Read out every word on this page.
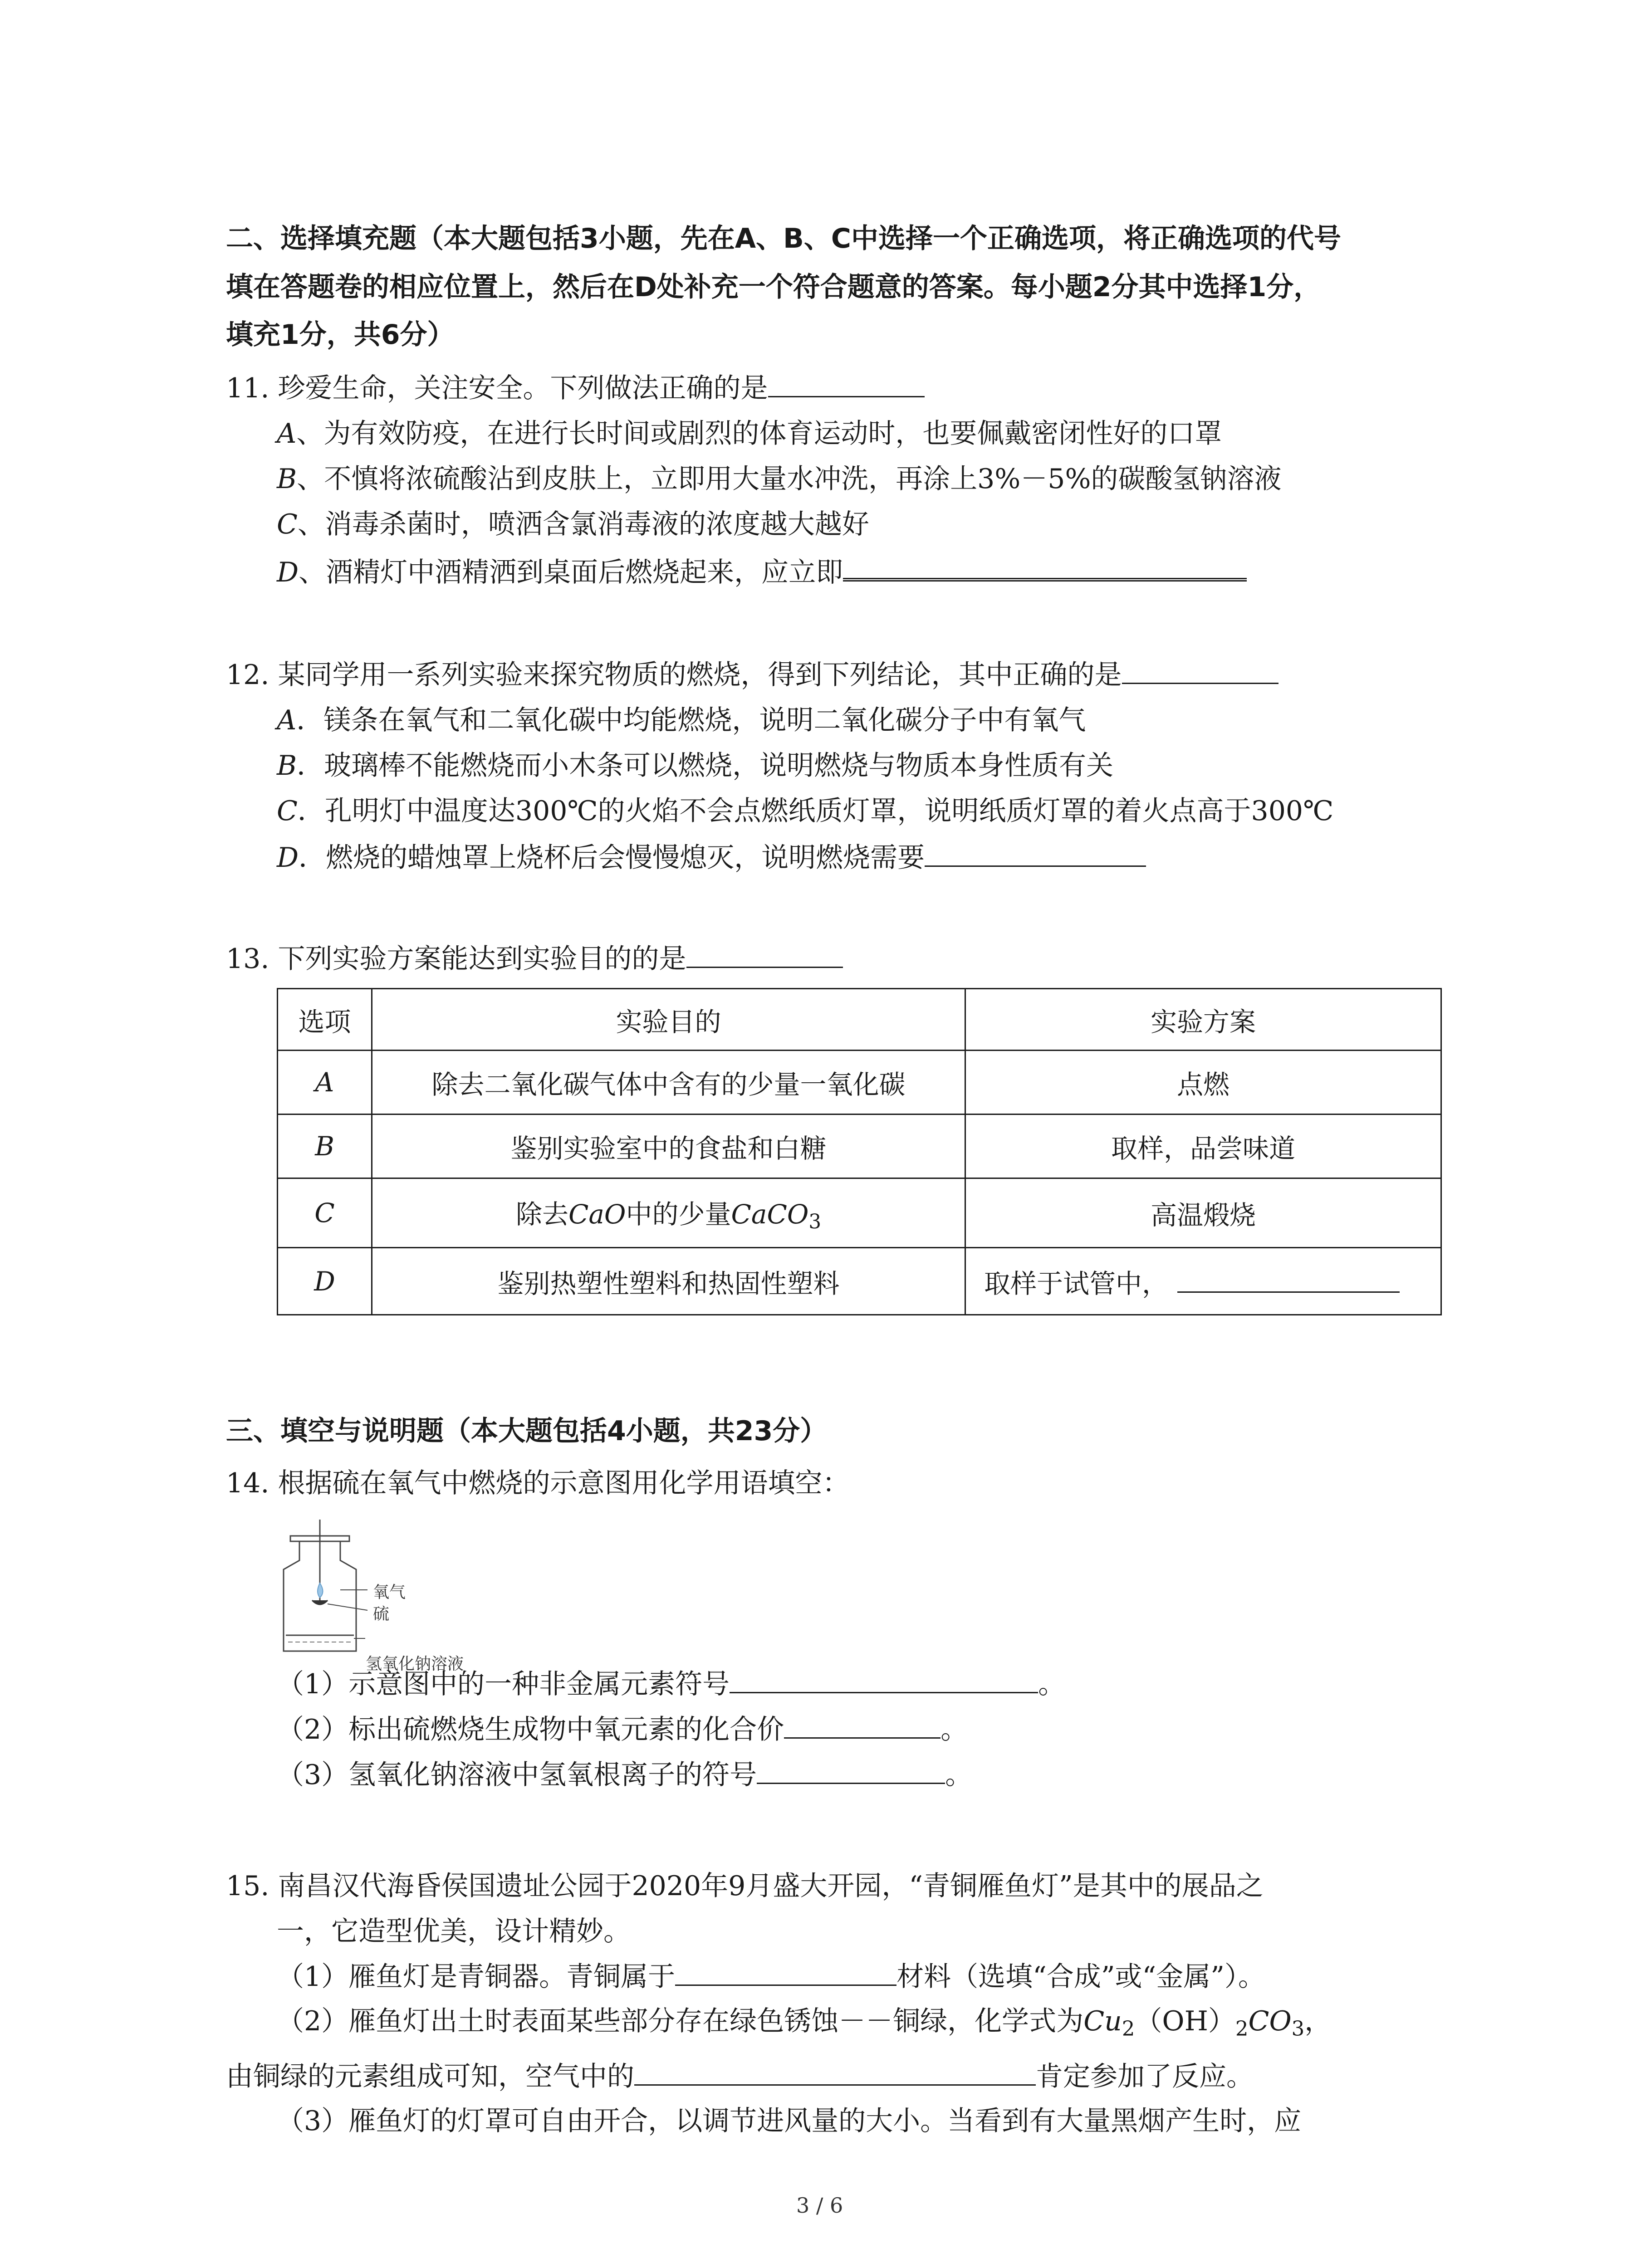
二、选择填充题（本大题包括3小题，先在A、B、C中选择一个正确选项，将正确选项的代号
填在答题卷的相应位置上，然后在D处补充一个符合题意的答案。每小题2分其中选择1分，
填充1分，共6分）
11. 珍爱生命，关注安全。下列做法正确的是
A、为有效防疫，在进行长时间或剧烈的体育运动时，也要佩戴密闭性好的口罩
B、不慎将浓硫酸沾到皮肤上，立即用大量水冲洗，再涂上3%－5%的碳酸氢钠溶液
C、消毒杀菌时，喷洒含氯消毒液的浓度越大越好
D、酒精灯中酒精洒到桌面后燃烧起来，应立即
12. 某同学用一系列实验来探究物质的燃烧，得到下列结论，其中正确的是
A．镁条在氧气和二氧化碳中均能燃烧，说明二氧化碳分子中有氧气
B．玻璃棒不能燃烧而小木条可以燃烧，说明燃烧与物质本身性质有关
C．孔明灯中温度达300℃的火焰不会点燃纸质灯罩，说明纸质灯罩的着火点高于300℃
D．燃烧的蜡烛罩上烧杯后会慢慢熄灭，说明燃烧需要
13. 下列实验方案能达到实验目的的是
选项	实验目的	实验方案
A	除去二氧化碳气体中含有的少量一氧化碳	点燃
B	鉴别实验室中的食盐和白糖	取样，品尝味道
C	除去CaO中的少量CaCO$_3$	高温煅烧
D	鉴别热塑性塑料和热固性塑料	取样于试管中，
三、填空与说明题（本大题包括4小题，共23分）
14. 根据硫在氧气中燃烧的示意图用化学用语填空：
氧气
硫
氢氧化钠溶液
（1）示意图中的一种非金属元素符号	。
（2）标出硫燃烧生成物中氧元素的化合价	。
（3）氢氧化钠溶液中氢氧根离子的符号	。
15. 南昌汉代海昏侯国遗址公园于2020年9月盛大开园，“青铜雁鱼灯”是其中的展品之
一，它造型优美，设计精妙。
（1）雁鱼灯是青铜器。青铜属于	材料（选填“合成”或“金属”）。
（2）雁鱼灯出土时表面某些部分存在绿色锈蚀－－铜绿，化学式为$Cu_2(OH)_2CO_3$，
由铜绿的元素组成可知，空气中的	肯定参加了反应。
（3）雁鱼灯的灯罩可自由开合，以调节进风量的大小。当看到有大量黑烟产生时，应
3 / 6
